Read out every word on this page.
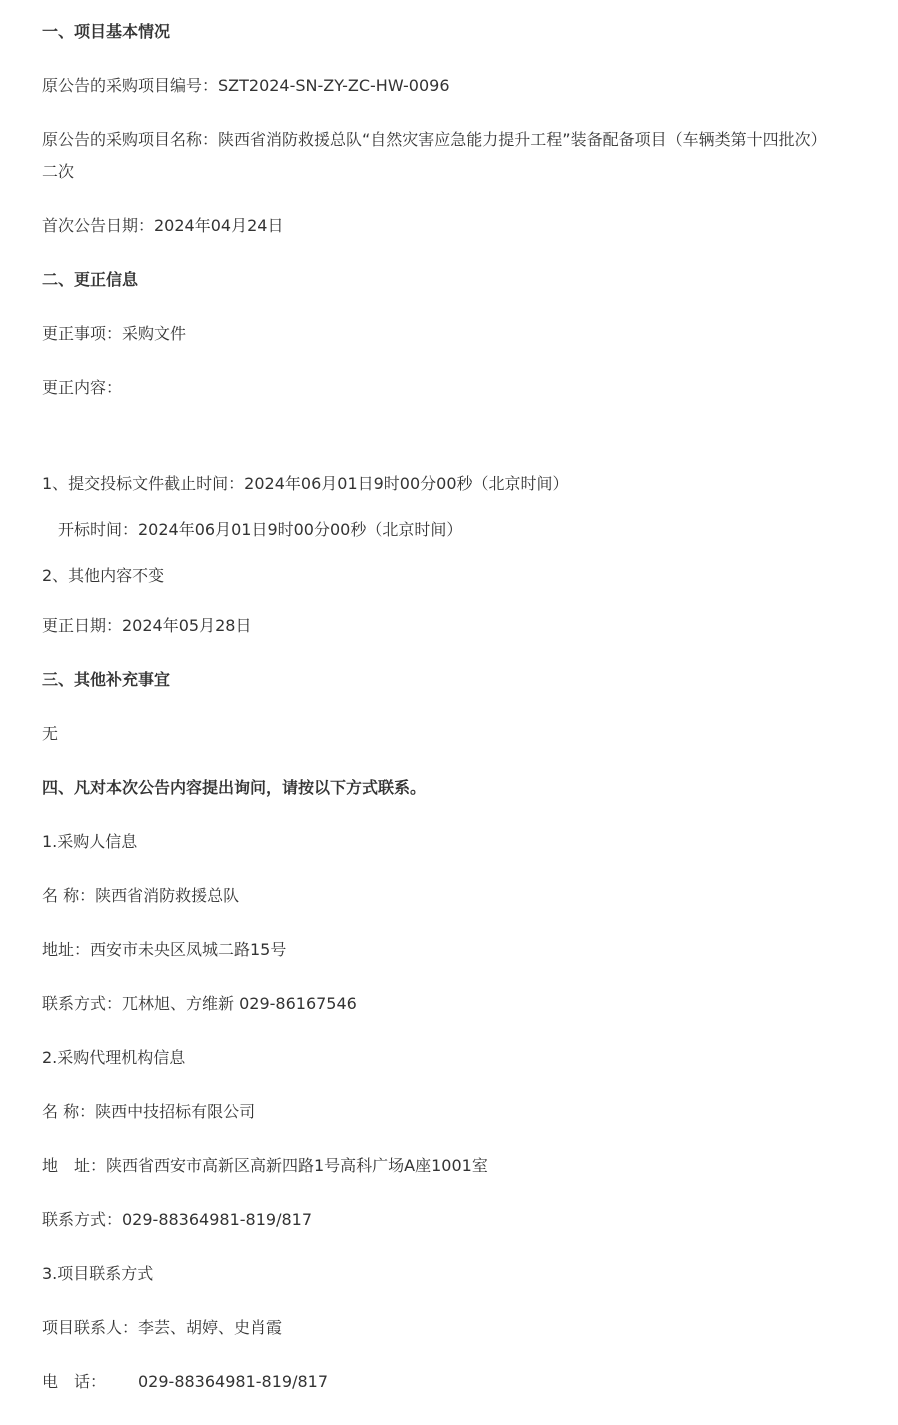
一、项目基本情况
原公告的采购项目编号：SZT2024-SN-ZY-ZC-HW-0096
原公告的采购项目名称：陕西省消防救援总队“自然灾害应急能力提升工程”装备配备项目（车辆类第十四批次）二次
首次公告日期：2024年04月24日
二、更正信息
更正事项：采购文件
更正内容：
1、提交投标文件截止时间：2024年06月01日9时00分00秒（北京时间）
开标时间：2024年06月01日9时00分00秒（北京时间）
2、其他内容不变
更正日期：2024年05月28日
三、其他补充事宜
无
四、凡对本次公告内容提出询问，请按以下方式联系。
1.采购人信息
名 称：陕西省消防救援总队
地址：西安市未央区凤城二路15号
联系方式：兀林旭、方维新 029-86167546
2.采购代理机构信息
名 称：陕西中技招标有限公司
地　址：陕西省西安市高新区高新四路1号高科广场A座1001室
联系方式：029-88364981-819/817
3.项目联系方式
项目联系人：李芸、胡婷、史肖霞
电　话： 029-88364981-819/817
